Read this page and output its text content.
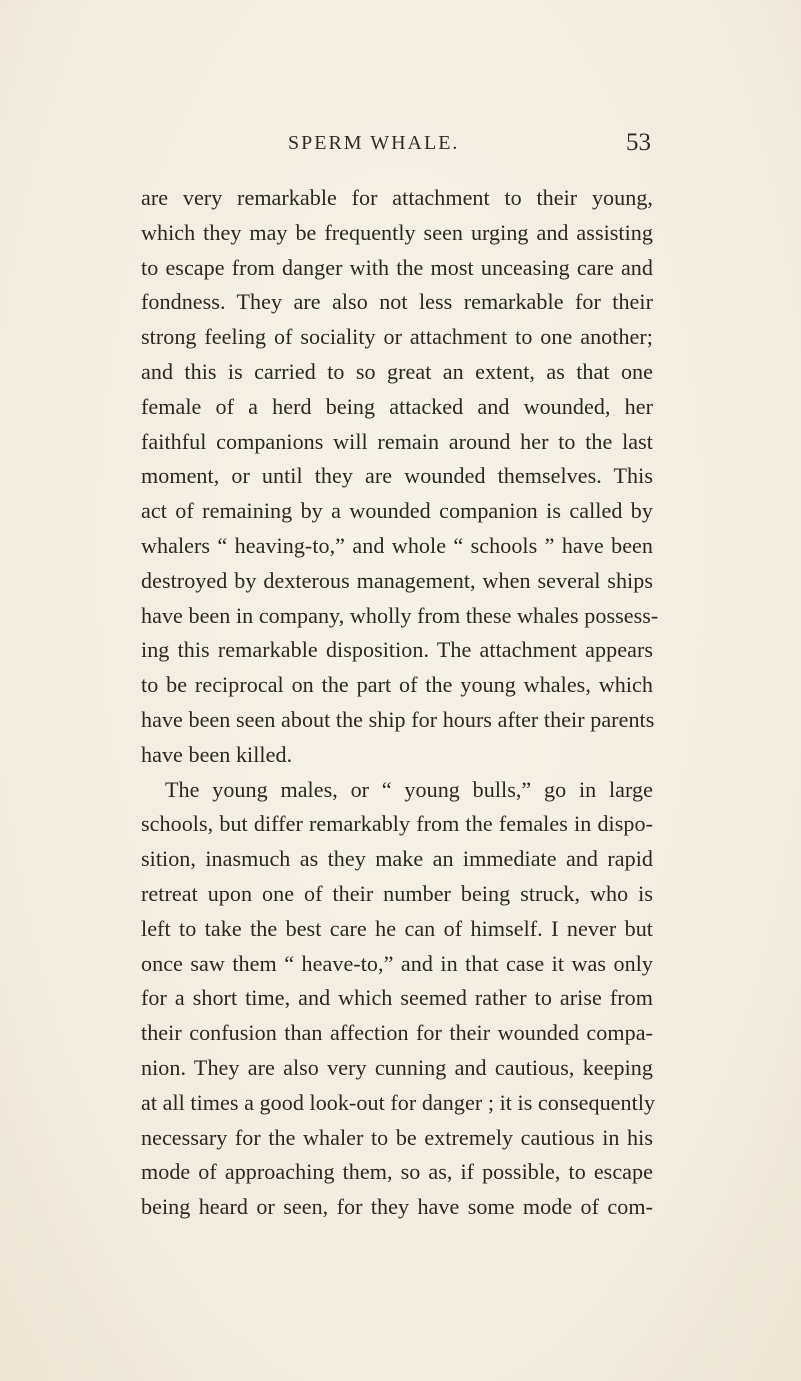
SPERM WHALE.	53
are very remarkable for attachment to their young,
which they may be frequently seen urging and assisting
to escape from danger with the most unceasing care and
fondness. They are also not less remarkable for their
strong feeling of sociality or attachment to one another;
and this is carried to so great an extent, as that one
female of a herd being attacked and wounded, her
faithful companions will remain around her to the last
moment, or until they are wounded themselves. This
act of remaining by a wounded companion is called by
whalers “ heaving-to,” and whole “ schools ” have been
destroyed by dexterous management, when several ships
have been in company, wholly from these whales possess-
ing this remarkable disposition. The attachment appears
to be reciprocal on the part of the young whales, which
have been seen about the ship for hours after their parents
have been killed.
The young males, or “ young bulls,” go in large
schools, but differ remarkably from the females in dispo-
sition, inasmuch as they make an immediate and rapid
retreat upon one of their number being struck, who is
left to take the best care he can of himself. I never but
once saw them “ heave-to,” and in that case it was only
for a short time, and which seemed rather to arise from
their confusion than affection for their wounded compa-
nion. They are also very cunning and cautious, keeping
at all times a good look-out for danger ; it is consequently
necessary for the whaler to be extremely cautious in his
mode of approaching them, so as, if possible, to escape
being heard or seen, for they have some mode of com-
